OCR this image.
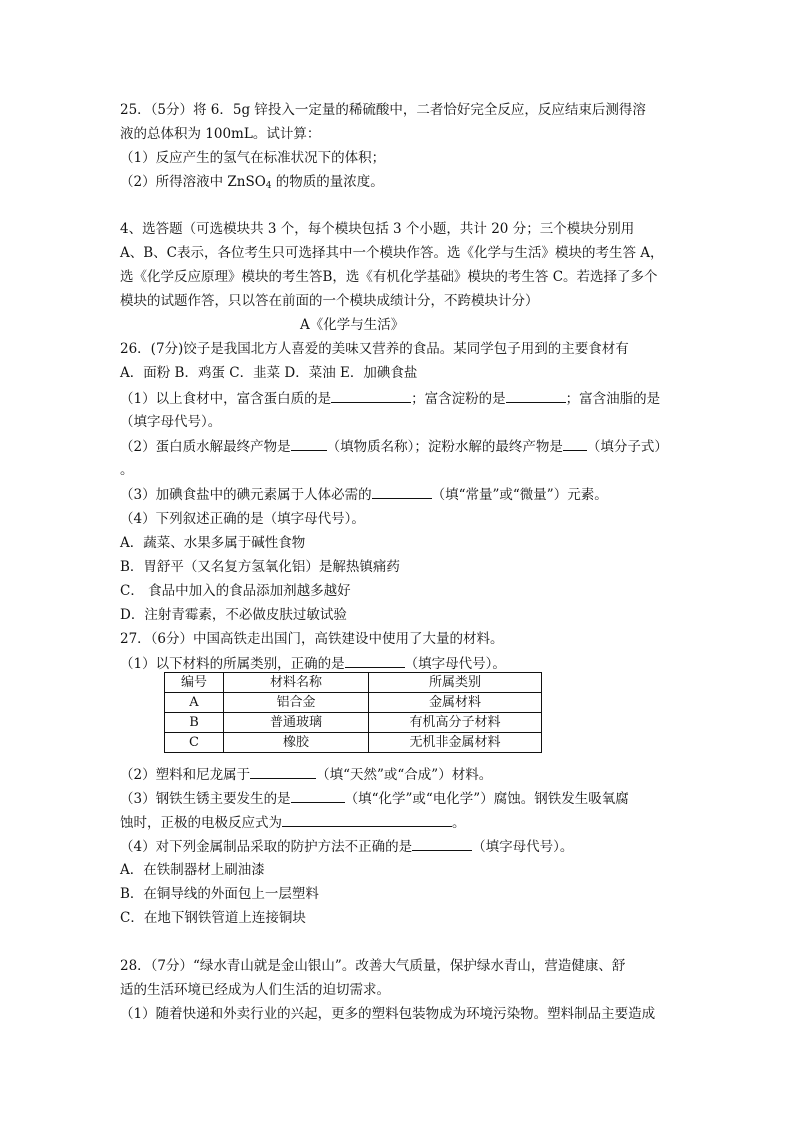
25．（5分）将 6．5g 锌投入一定量的稀硫酸中，二者恰好完全反应，反应结束后测得溶
液的总体积为 100mL。试计算：
（1）反应产生的氢气在标准状况下的体积；
（2）所得溶液中 ZnSO$_4$ 的物质的量浓度。
4、选答题（可选模块共 3 个，每个模块包括 3 个小题，共计 20 分；三个模块分别用
A、B、C表示，各位考生只可选择其中一个模块作答。选《化学与生活》模块的考生答 A，
选《化学反应原理》模块的考生答B，选《有机化学基础》模块的考生答 C。若选择了多个
模块的试题作答，只以答在前面的一个模块成绩计分，不跨模块计分）
A《化学与生活》
26．(7分)饺子是我国北方人喜爱的美味又营养的食品。某同学包子用到的主要食材有
A．面粉 B．鸡蛋 C．韭菜 D．菜油 E．加碘食盐
（1）以上食材中，富含蛋白质的是	；富含淀粉的是	；富含油脂的是
（填字母代号）。
（2）蛋白质水解最终产物是	（填物质名称）；淀粉水解的最终产物是 （填分子式）
。
（3）加碘食盐中的碘元素属于人体必需的	（填“常量”或“微量”）元素。
（4）下列叙述正确的是（填字母代号）。
A．蔬菜、水果多属于碱性食物
B．胃舒平（又名复方氢氧化铝）是解热镇痛药
C． 食品中加入的食品添加剂越多越好
D．注射青霉素，不必做皮肤过敏试验
27．（6分）中国高铁走出国门，高铁建设中使用了大量的材料。
（1）以下材料的所属类别，正确的是	（填字母代号）。
编号	材料名称	所属类别
A	铝合金	金属材料
B	普通玻璃	有机高分子材料
C	橡胶	无机非金属材料
（2）塑料和尼龙属于	（填“天然”或“合成”）材料。
（3）钢铁生锈主要发生的是	（填“化学”或“电化学”）腐蚀。钢铁发生吸氧腐
蚀时，正极的电极反应式为	。
（4）对下列金属制品采取的防护方法不正确的是	（填字母代号）。
A．在铁制器材上刷油漆
B．在铜导线的外面包上一层塑料
C．在地下钢铁管道上连接铜块
28．（7分）“绿水青山就是金山银山”。改善大气质量，保护绿水青山，营造健康、舒
适的生活环境已经成为人们生活的迫切需求。
（1）随着快递和外卖行业的兴起，更多的塑料包装物成为环境污染物。塑料制品主要造成
